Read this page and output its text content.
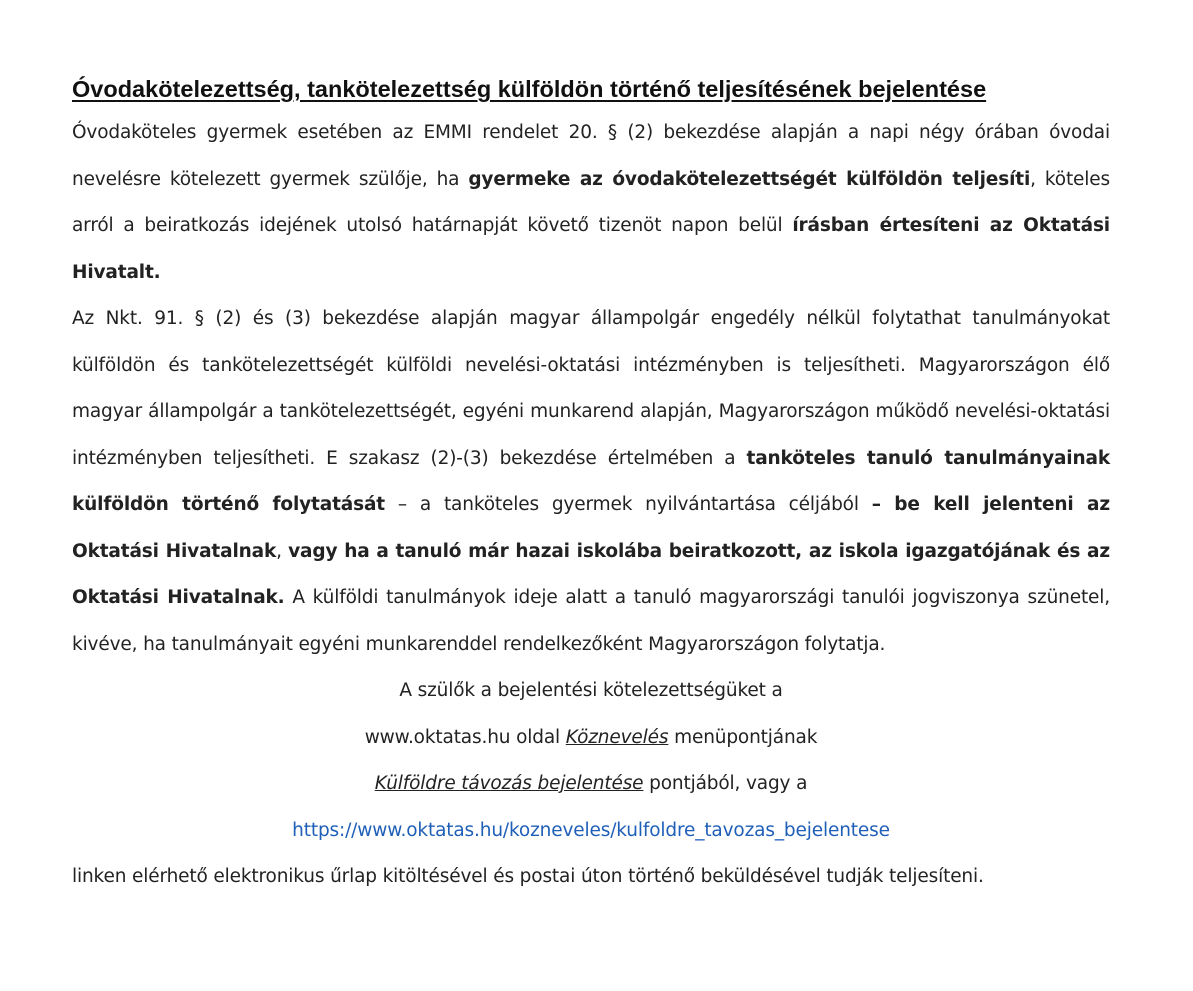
Óvodakötelezettség, tankötelezettség külföldön történő teljesítésének bejelentése

Óvodaköteles gyermek esetében az EMMI rendelet 20. § (2) bekezdése alapján a napi négy órában óvodai nevelésre kötelezett gyermek szülője, ha gyermeke az óvodakötelezettségét külföldön teljesíti, köteles arról a beiratkozás idejének utolsó határnapját követő tizenöt napon belül írásban értesíteni az Oktatási Hivatalt.

Az Nkt. 91. § (2) és (3) bekezdése alapján magyar állampolgár engedély nélkül folytathat tanulmányokat külföldön és tankötelezettségét külföldi nevelési-oktatási intézményben is teljesítheti. Magyarországon élő magyar állampolgár a tankötelezettségét, egyéni munkarend alapján, Magyarországon működő nevelési-oktatási intézményben teljesítheti. E szakasz (2)-(3) bekezdése értelmében a tanköteles tanuló tanulmányainak külföldön történő folytatását – a tanköteles gyermek nyilvántartása céljából – be kell jelenteni az Oktatási Hivatalnak, vagy ha a tanuló már hazai iskolába beiratkozott, az iskola igazgatójának és az Oktatási Hivatalnak. A külföldi tanulmányok ideje alatt a tanuló magyarországi tanulói jogviszonya szünetel, kivéve, ha tanulmányait egyéni munkarenddel rendelkezőként Magyarországon folytatja.

A szülők a bejelentési kötelezettségüket a
www.oktatas.hu oldal Köznevelés menüpontjának
Külföldre távozás bejelentése pontjából, vagy a
https://www.oktatas.hu/kozneveles/kulfoldre_tavozas_bejelentese
linken elérhető elektronikus űrlap kitöltésével és postai úton történő beküldésével tudják teljesíteni.
